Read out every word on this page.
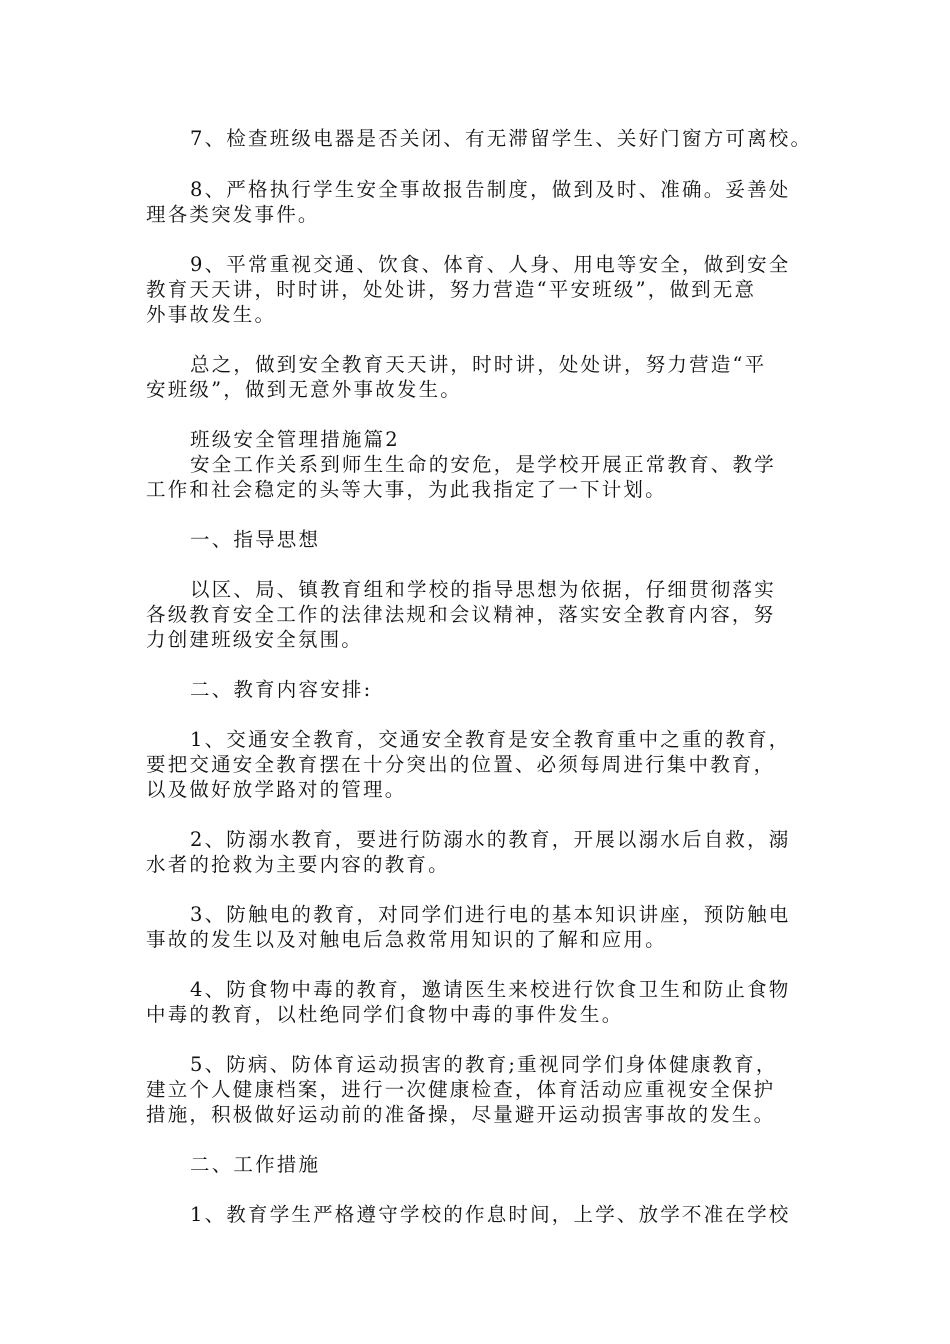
7、检查班级电器是否关闭、有无滞留学生、关好门窗方可离校。
8、严格执行学生安全事故报告制度，做到及时、准确。妥善处
理各类突发事件。
9、平常重视交通、饮食、体育、人身、用电等安全，做到安全
教育天天讲，时时讲，处处讲，努力营造“平安班级”，做到无意
外事故发生。
总之，做到安全教育天天讲，时时讲，处处讲，努力营造“平
安班级”，做到无意外事故发生。
班级安全管理措施篇2
安全工作关系到师生生命的安危，是学校开展正常教育、教学
工作和社会稳定的头等大事，为此我指定了一下计划。
一、指导思想
以区、局、镇教育组和学校的指导思想为依据，仔细贯彻落实
各级教育安全工作的法律法规和会议精神，落实安全教育内容，努
力创建班级安全氛围。
二、教育内容安排:
1、交通安全教育，交通安全教育是安全教育重中之重的教育，
要把交通安全教育摆在十分突出的位置、必须每周进行集中教育，
以及做好放学路对的管理。
2、防溺水教育，要进行防溺水的教育，开展以溺水后自救，溺
水者的抢救为主要内容的教育。
3、防触电的教育，对同学们进行电的基本知识讲座，预防触电
事故的发生以及对触电后急救常用知识的了解和应用。
4、防食物中毒的教育，邀请医生来校进行饮食卫生和防止食物
中毒的教育，以杜绝同学们食物中毒的事件发生。
5、防病、防体育运动损害的教育;重视同学们身体健康教育，
建立个人健康档案，进行一次健康检查，体育活动应重视安全保护
措施，积极做好运动前的准备操，尽量避开运动损害事故的发生。
二、工作措施
1、教育学生严格遵守学校的作息时间，上学、放学不准在学校
